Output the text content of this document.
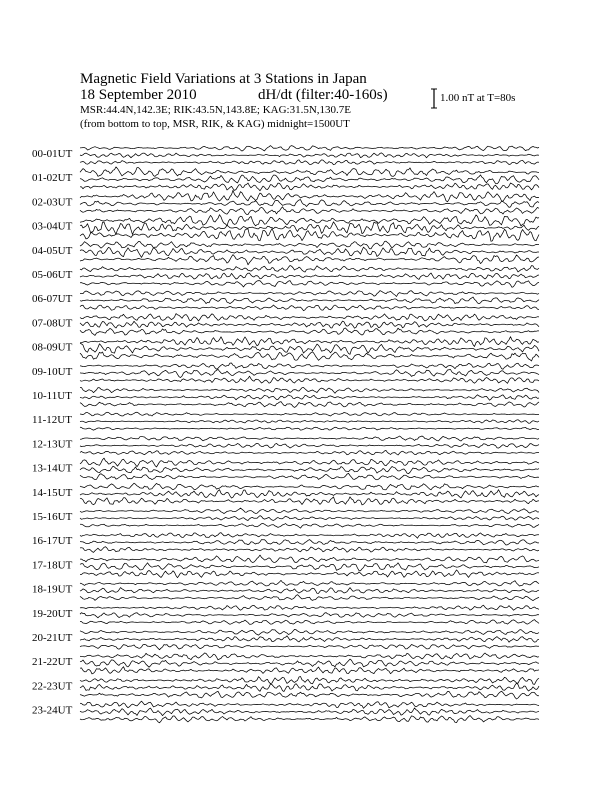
00-01UT
01-02UT
02-03UT
03-04UT
04-05UT
05-06UT
06-07UT
07-08UT
08-09UT
09-10UT
10-11UT
11-12UT
12-13UT
13-14UT
14-15UT
15-16UT
16-17UT
17-18UT
18-19UT
19-20UT
20-21UT
21-22UT
22-23UT
23-24UT
Magnetic Field Variations at 3 Stations in Japan
18 September 2010	dH/dt (filter:40-160s)
MSR:44.4N,142.3E; RIK:43.5N,143.8E; KAG:31.5N,130.7E
(from bottom to top, MSR, RIK, & KAG) midnight=1500UT
1.00 nT at T=80s
